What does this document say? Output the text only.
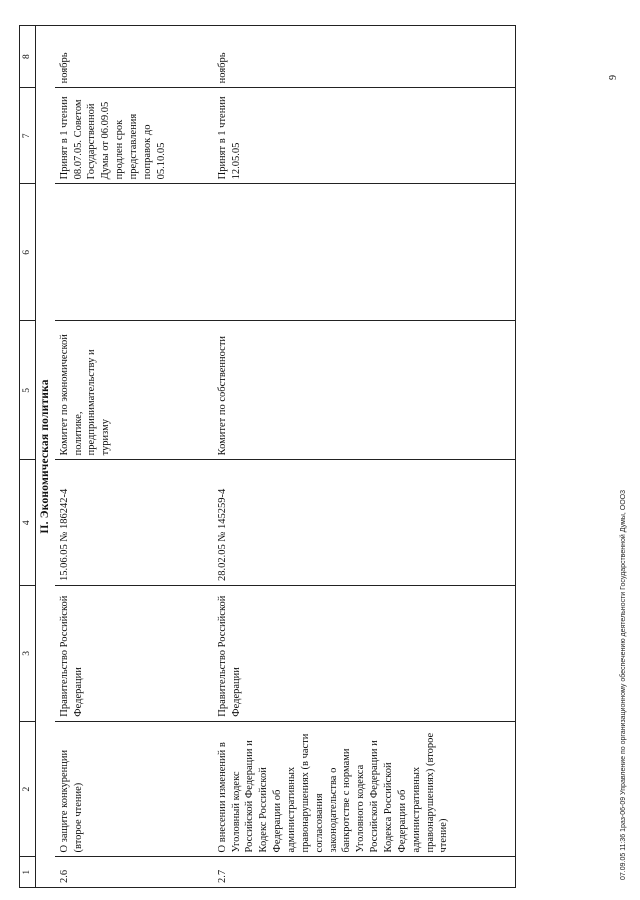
1	2	3	4	5	6	7	8
II. Экономическая политика							
2.6	О защите конкуренции (второе чтение)	Правительство Российской Федерации	15.06.05 № 186242-4	Комитет по экономической политике, предпринимательству и туризму		Принят в 1 чтении 08.07.05. Советом Государственной Думы от 06.09.05 продлен срок представления поправок до 05.10.05	ноябрь
2.7	О внесении изменений в Уголовный кодекс Российской Федерации и Кодекс Российской Федерации об административных правонарушениях (в части согласования законодательства о банкротстве с нормами Уголовного кодекса Российской Федерации и Кодекса Российской Федерации об административных правонарушениях) (второе чтение)	Правительство Российской Федерации	28.02.05 № 145259-4	Комитет по собственности		Принят в 1 чтении 12.05.05	ноябрь
07.09.05 11:36 1раз-06-09 Управление по организационному обеспечению деятельности Государственной Думы, ООО3
9
